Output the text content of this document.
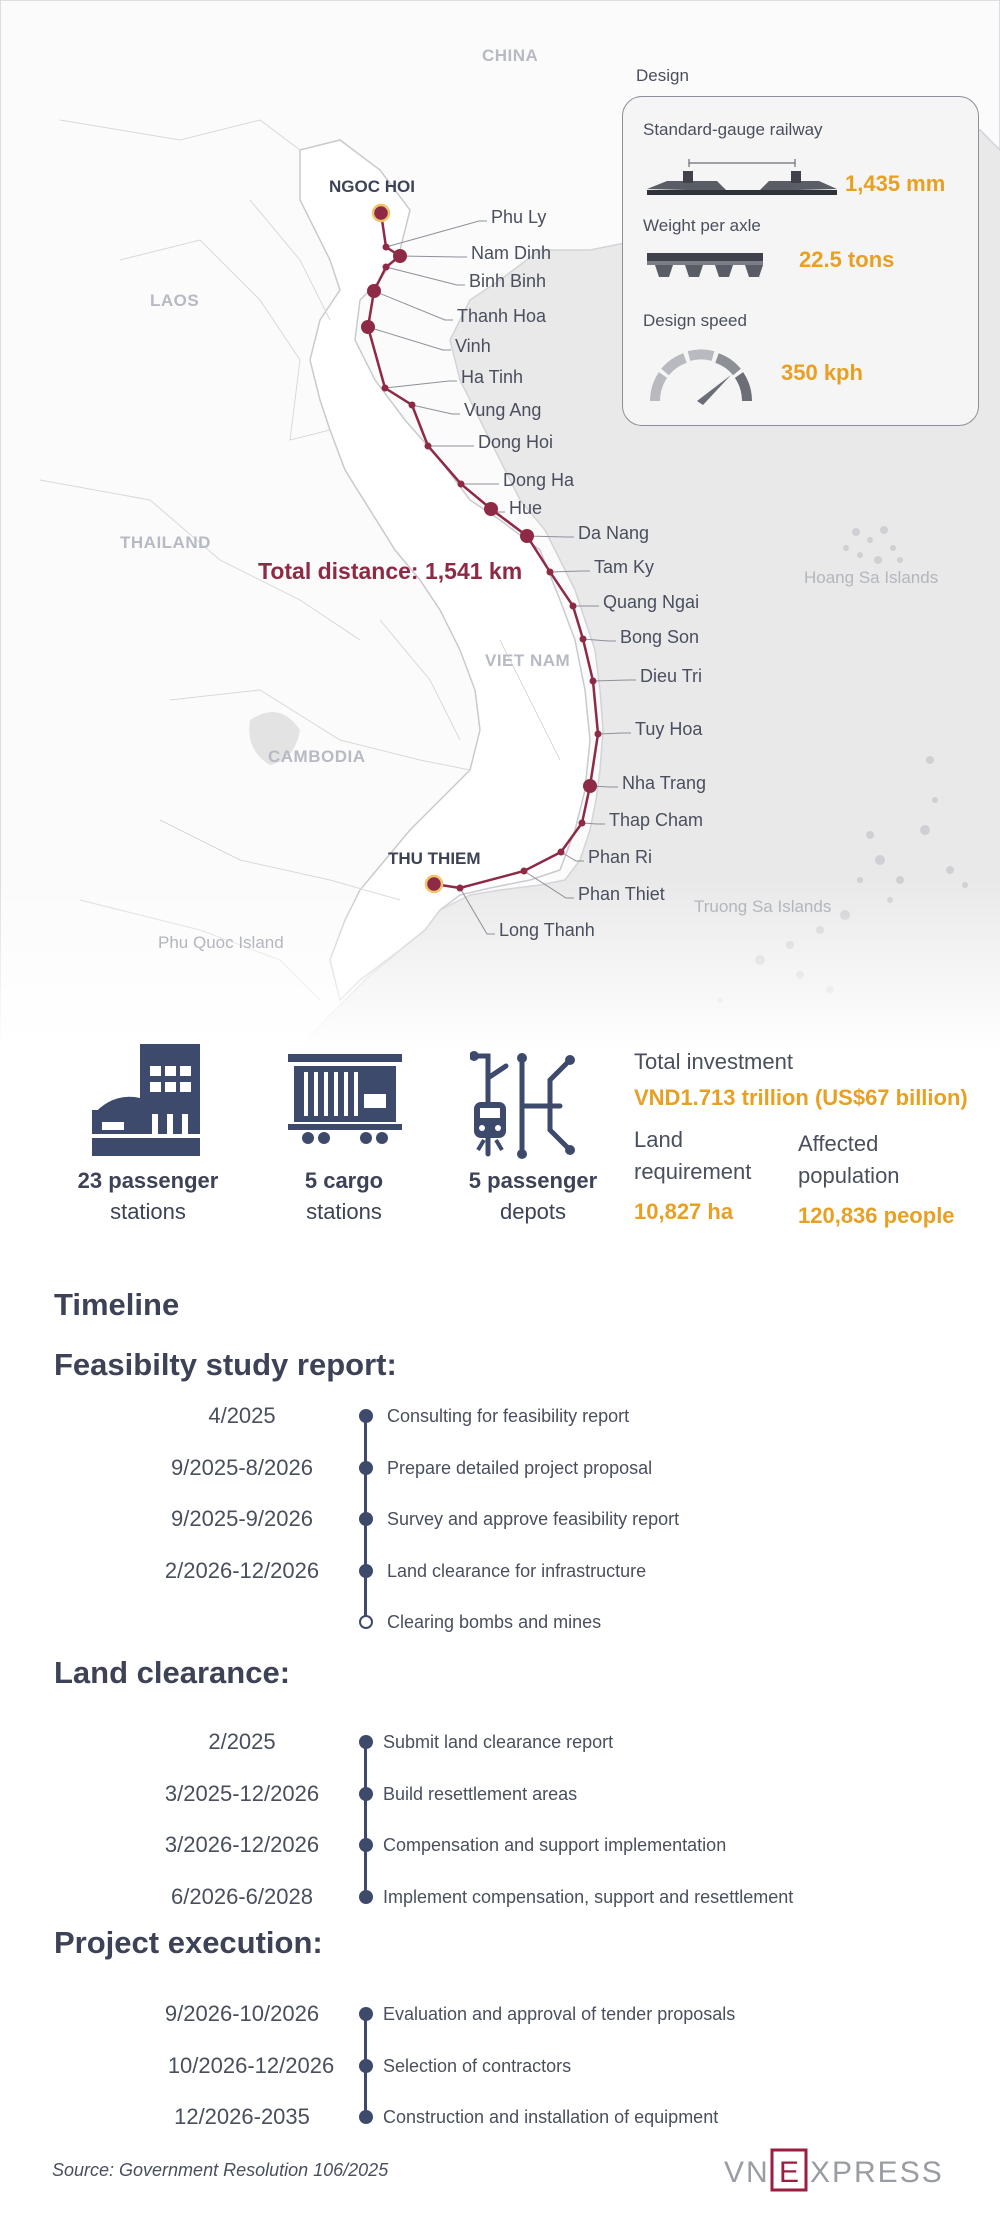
CHINA
LAOS
THAILAND
CAMBODIA
VIET NAM
Hoang Sa Islands
Truong Sa Islands
Phu Quoc Island
NGOC HOI
THU THIEM
Phu Ly
Nam Dinh
Binh Binh
Thanh Hoa
Vinh
Ha Tinh
Vung Ang
Dong Hoi
Dong Ha
Hue
Da Nang
Tam Ky
Quang Ngai
Bong Son
Dieu Tri
Tuy Hoa
Nha Trang
Thap Cham
Phan Ri
Phan Thiet
Long Thanh
Total distance: 1,541 km
Design
Standard-gauge railway
1,435 mm
Weight per axle
22.5 tons
Design speed
350 kph
23 passenger
stations
5 cargo
stations
5 passenger
depots
Total investment
VND1.713 trillion (US$67 billion)
Land
requirement
10,827 ha
Affected
population
120,836 people
Timeline
Feasibilty study report:
4/2025
9/2025-8/2026
9/2025-9/2026
2/2026-12/2026
Consulting for feasibility report
Prepare detailed project proposal
Survey and approve feasibility report
Land clearance for infrastructure
Clearing bombs and mines
Land clearance:
2/2025
3/2025-12/2026
3/2026-12/2026
6/2026-6/2028
Submit land clearance report
Build resettlement areas
Compensation and support implementation
Implement compensation, support and resettlement
Project execution:
9/2026-10/2026
10/2026-12/2026
12/2026-2035
Evaluation and approval of tender proposals
Selection of contractors
Construction and installation of equipment
Source: Government Resolution 106/2025	VN E XPRESS
